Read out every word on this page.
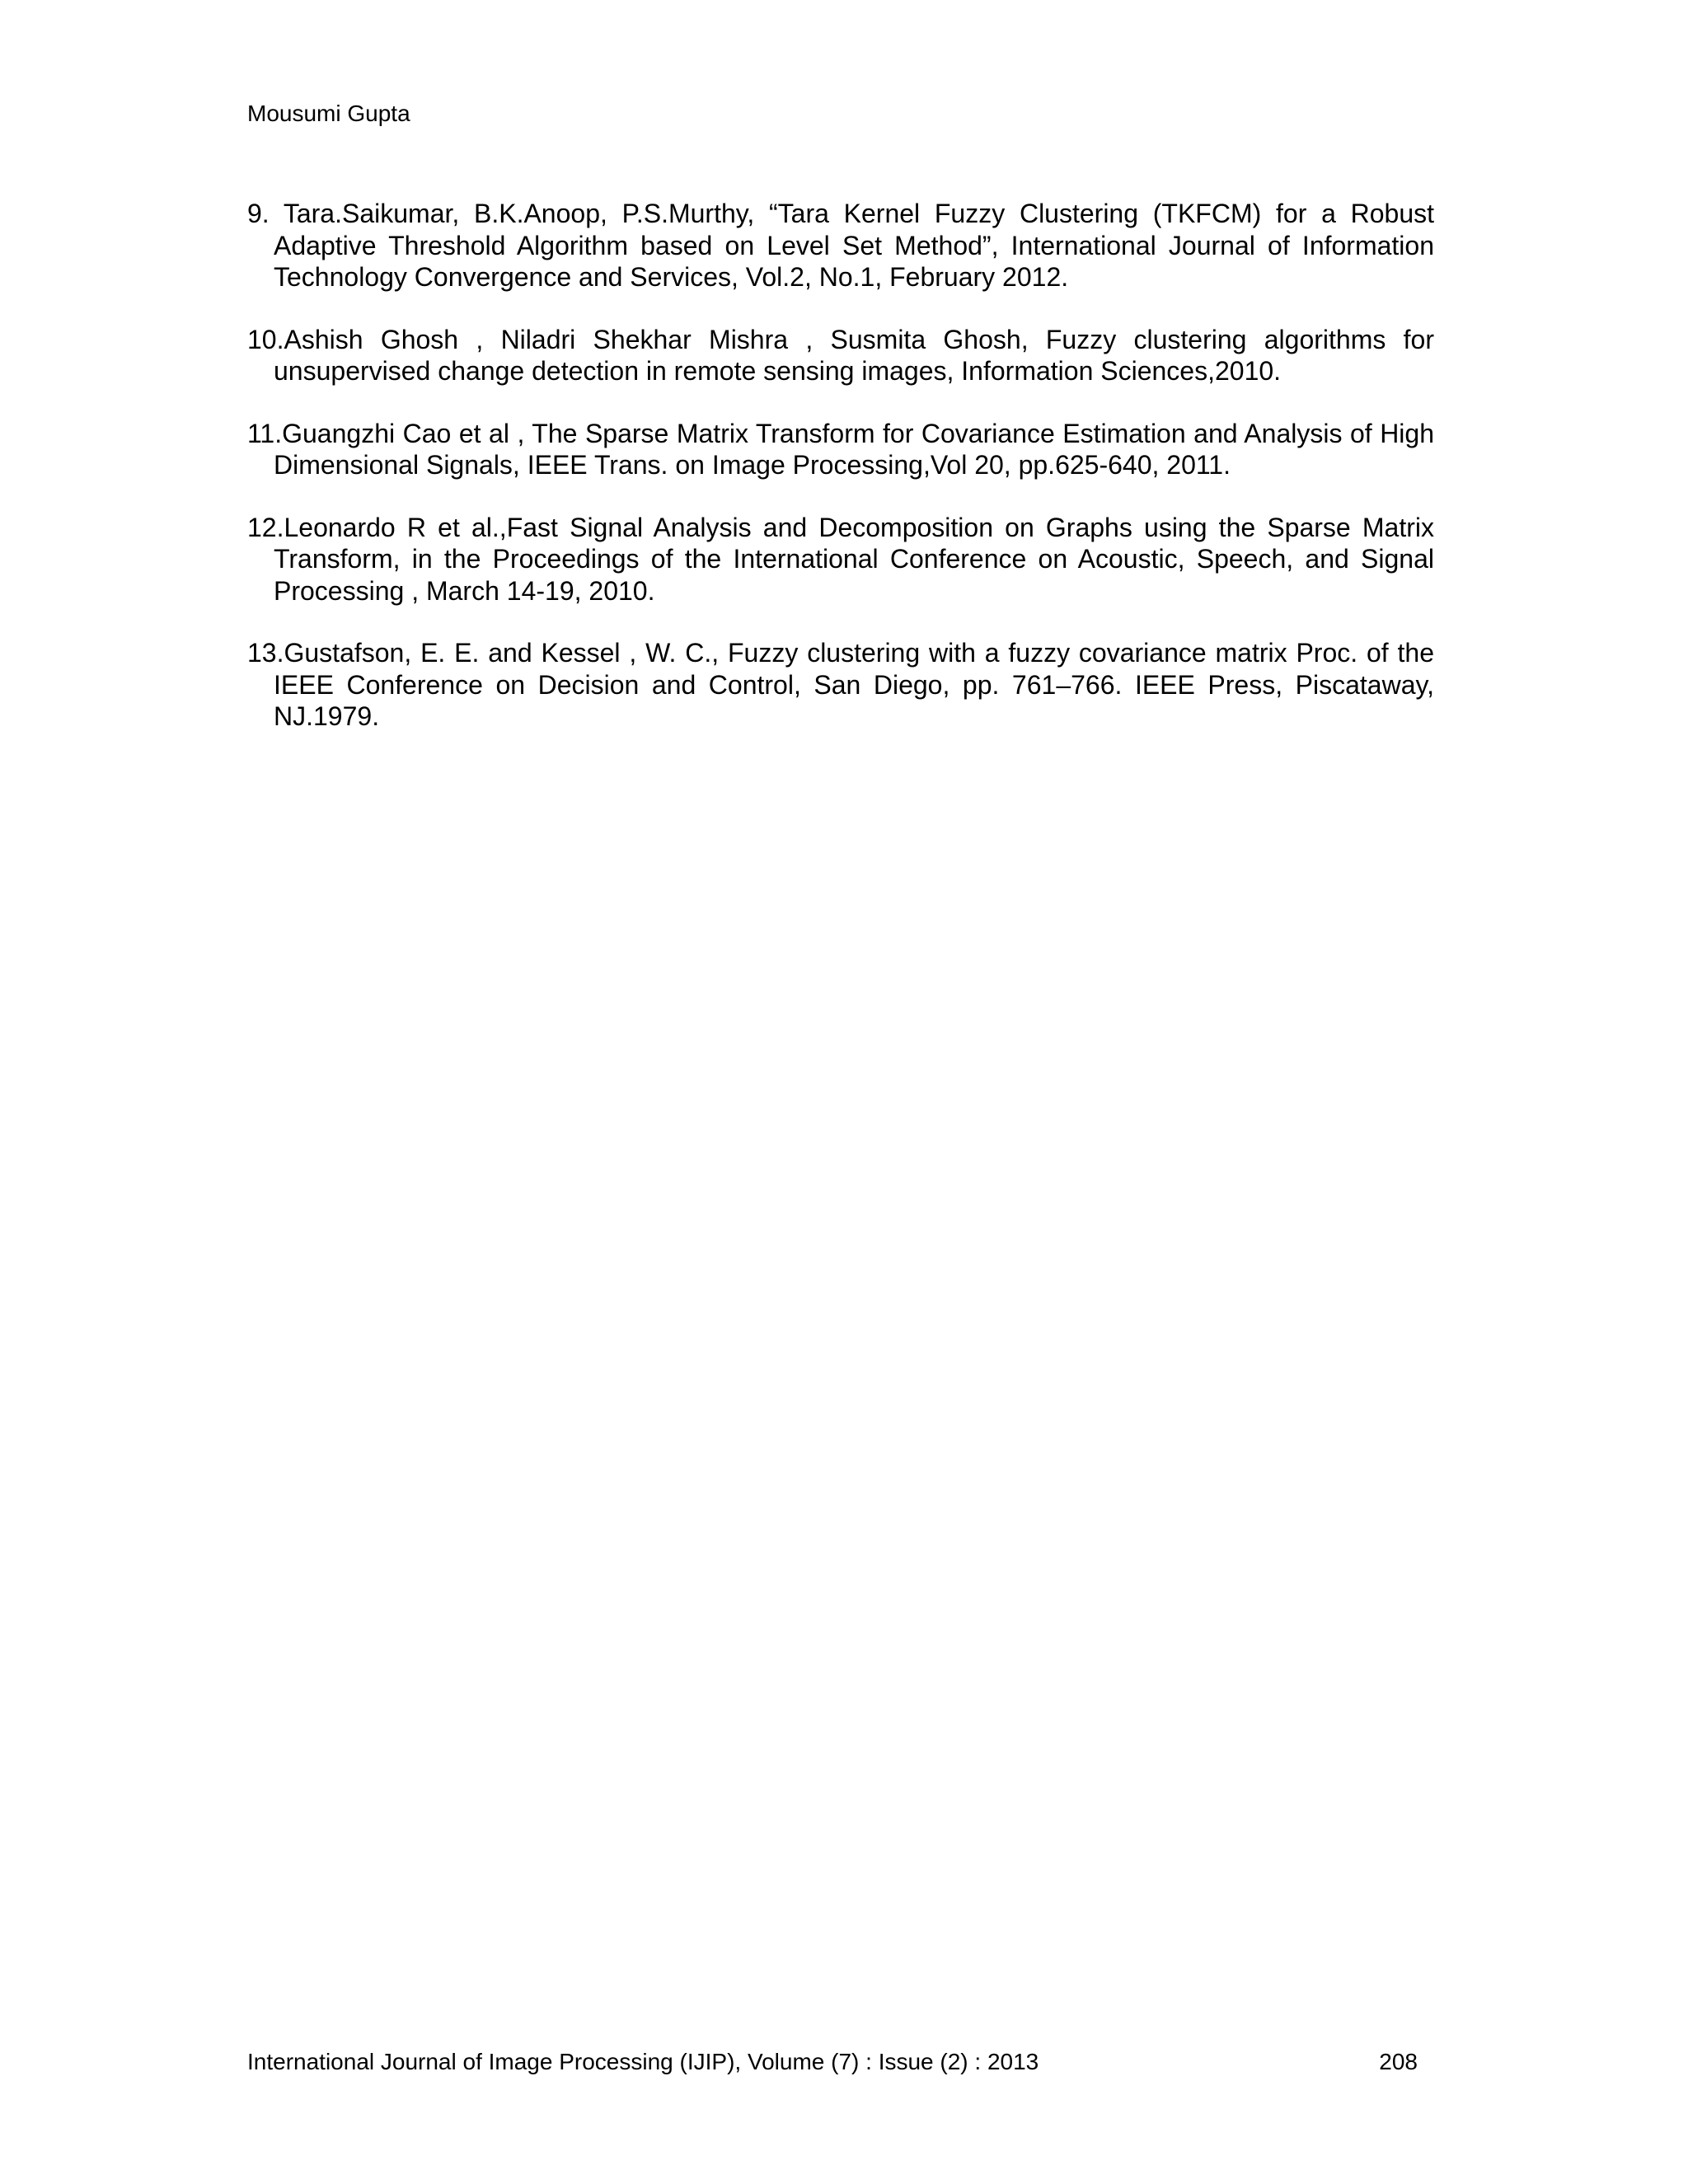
Mousumi Gupta
9. Tara.Saikumar, B.K.Anoop, P.S.Murthy, “Tara Kernel Fuzzy Clustering (TKFCM) for a Robust Adaptive Threshold Algorithm based on Level Set Method”, International Journal of Information Technology Convergence and Services, Vol.2, No.1, February 2012.
10.Ashish Ghosh , Niladri Shekhar Mishra , Susmita Ghosh, Fuzzy clustering algorithms for unsupervised change detection in remote sensing images, Information Sciences,2010.
11.Guangzhi Cao et al , The Sparse Matrix Transform for Covariance Estimation and Analysis of High Dimensional Signals, IEEE Trans. on Image Processing,Vol 20, pp.625-640, 2011.
12.Leonardo R et al.,Fast Signal Analysis and Decomposition on Graphs using the Sparse Matrix Transform, in the Proceedings of the International Conference on Acoustic, Speech, and Signal Processing , March 14-19, 2010.
13.Gustafson, E. E. and Kessel , W. C., Fuzzy clustering with a fuzzy covariance matrix Proc. of the IEEE Conference on Decision and Control, San Diego, pp. 761–766. IEEE Press, Piscataway, NJ.1979.
International Journal of Image Processing (IJIP), Volume (7) : Issue (2) : 2013	208
